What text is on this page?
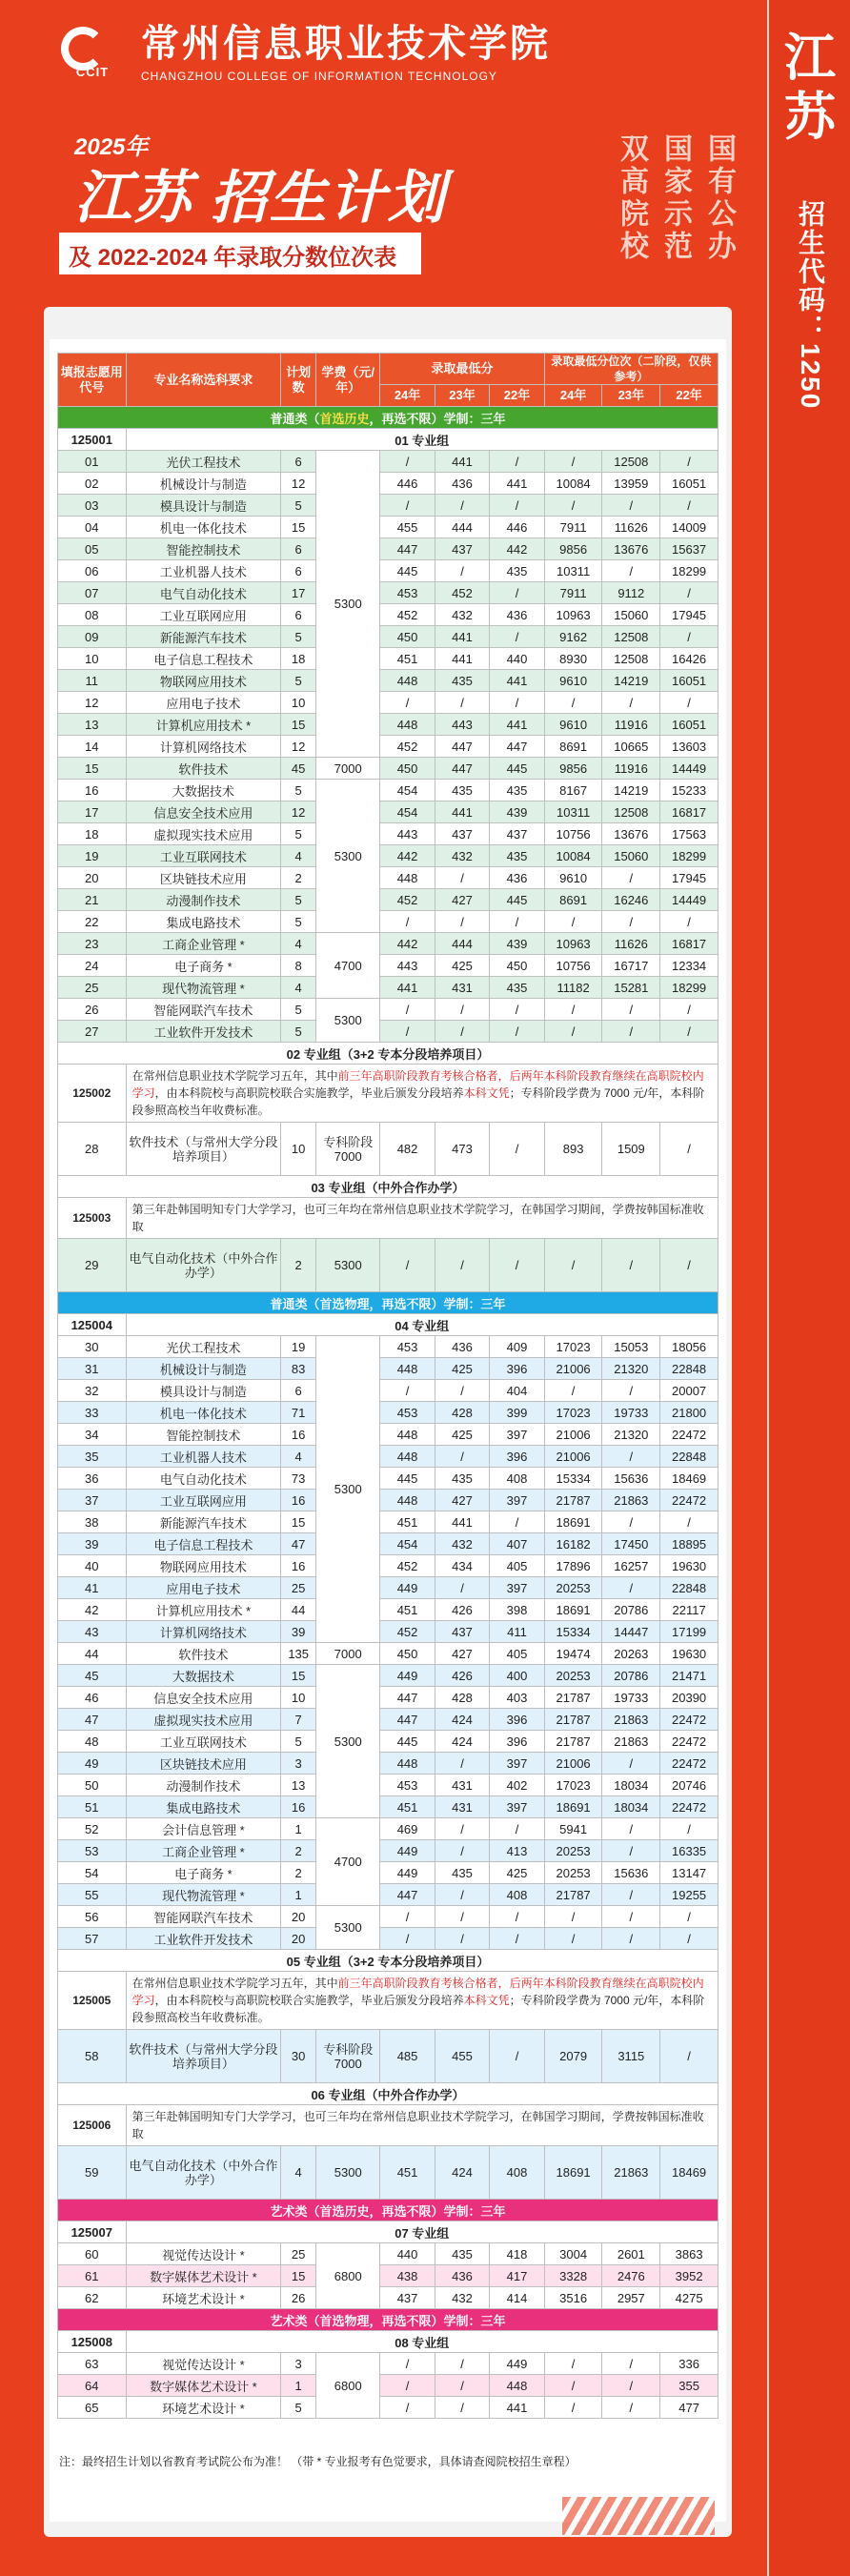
江苏
招生代码：1250
CCIT
常州信息职业技术学院
CHANGZHOU COLLEGE OF INFORMATION TECHNOLOGY
2025年
江苏 招生计划
及 2022-2024 年录取分数位次表	国有公办
国家示范
双高院校
填报志愿用代号	专业名称选科要求	计划数	学费（元/年）	录取最低分			录取最低分位次（二阶段，仅供参考）		
				24年	23年	22年	24年	23年	22年
普通类（首选历史，再选不限）学制：三年									
125001	01 专业组								
01	光伏工程技术	6	5300	/	441	/	/	12508	/
02	机械设计与制造	12		446	436	441	10084	13959	16051
03	模具设计与制造	5		/	/	/	/	/	/
04	机电一体化技术	15		455	444	446	7911	11626	14009
05	智能控制技术	6		447	437	442	9856	13676	15637
06	工业机器人技术	6		445	/	435	10311	/	18299
07	电气自动化技术	17		453	452	/	7911	9112	/
08	工业互联网应用	6		452	432	436	10963	15060	17945
09	新能源汽车技术	5		450	441	/	9162	12508	/
10	电子信息工程技术	18		451	441	440	8930	12508	16426
11	物联网应用技术	5		448	435	441	9610	14219	16051
12	应用电子技术	10		/	/	/	/	/	/
13	计算机应用技术 *	15		448	443	441	9610	11916	16051
14	计算机网络技术	12		452	447	447	8691	10665	13603
15	软件技术	45	7000	450	447	445	9856	11916	14449
16	大数据技术	5	5300	454	435	435	8167	14219	15233
17	信息安全技术应用	12		454	441	439	10311	12508	16817
18	虚拟现实技术应用	5		443	437	437	10756	13676	17563
19	工业互联网技术	4		442	432	435	10084	15060	18299
20	区块链技术应用	2		448	/	436	9610	/	17945
21	动漫制作技术	5		452	427	445	8691	16246	14449
22	集成电路技术	5		/	/	/	/	/	/
23	工商企业管理 *	4	4700	442	444	439	10963	11626	16817
24	电子商务 *	8		443	425	450	10756	16717	12334
25	现代物流管理 *	4		441	431	435	11182	15281	18299
26	智能网联汽车技术	5	5300	/	/	/	/	/	/
27	工业软件开发技术	5		/	/	/	/	/	/
02 专业组（3+2 专本分段培养项目）									
125002	在常州信息职业技术学院学习五年，其中前三年高职阶段教育考核合格者，后两年本科阶段教育继续在高职院校内学习，由本科院校与高职院校联合实施教学，毕业后颁发分段培养本科文凭；专科阶段学费为 7000 元/年，本科阶段参照高校当年收费标准。								
28	软件技术（与常州大学分段培养项目）	10	专科阶段7000	482	473	/	893	1509	/
03 专业组（中外合作办学）									
125003	第三年赴韩国明知专门大学学习，也可三年均在常州信息职业技术学院学习，在韩国学习期间，学费按韩国标准收取								
29	电气自动化技术（中外合作办学）	2	5300	/	/	/	/	/	/
普通类（首选物理，再选不限）学制：三年									
125004	04 专业组								
30	光伏工程技术	19	5300	453	436	409	17023	15053	18056
31	机械设计与制造	83		448	425	396	21006	21320	22848
32	模具设计与制造	6		/	/	404	/	/	20007
33	机电一体化技术	71		453	428	399	17023	19733	21800
34	智能控制技术	16		448	425	397	21006	21320	22472
35	工业机器人技术	4		448	/	396	21006	/	22848
36	电气自动化技术	73		445	435	408	15334	15636	18469
37	工业互联网应用	16		448	427	397	21787	21863	22472
38	新能源汽车技术	15		451	441	/	18691	/	/
39	电子信息工程技术	47		454	432	407	16182	17450	18895
40	物联网应用技术	16		452	434	405	17896	16257	19630
41	应用电子技术	25		449	/	397	20253	/	22848
42	计算机应用技术 *	44		451	426	398	18691	20786	22117
43	计算机网络技术	39		452	437	411	15334	14447	17199
44	软件技术	135	7000	450	427	405	19474	20263	19630
45	大数据技术	15	5300	449	426	400	20253	20786	21471
46	信息安全技术应用	10		447	428	403	21787	19733	20390
47	虚拟现实技术应用	7		447	424	396	21787	21863	22472
48	工业互联网技术	5		445	424	396	21787	21863	22472
49	区块链技术应用	3		448	/	397	21006	/	22472
50	动漫制作技术	13		453	431	402	17023	18034	20746
51	集成电路技术	16		451	431	397	18691	18034	22472
52	会计信息管理 *	1	4700	469	/	/	5941	/	/
53	工商企业管理 *	2		449	/	413	20253	/	16335
54	电子商务 *	2		449	435	425	20253	15636	13147
55	现代物流管理 *	1		447	/	408	21787	/	19255
56	智能网联汽车技术	20	5300	/	/	/	/	/	/
57	工业软件开发技术	20		/	/	/	/	/	/
05 专业组（3+2 专本分段培养项目）									
125005	在常州信息职业技术学院学习五年，其中前三年高职阶段教育考核合格者，后两年本科阶段教育继续在高职院校内学习，由本科院校与高职院校联合实施教学，毕业后颁发分段培养本科文凭；专科阶段学费为 7000 元/年，本科阶段参照高校当年收费标准。								
58	软件技术（与常州大学分段培养项目）	30	专科阶段7000	485	455	/	2079	3115	/
06 专业组（中外合作办学）									
125006	第三年赴韩国明知专门大学学习，也可三年均在常州信息职业技术学院学习，在韩国学习期间，学费按韩国标准收取								
59	电气自动化技术（中外合作办学）	4	5300	451	424	408	18691	21863	18469
艺术类（首选历史，再选不限）学制：三年									
125007	07 专业组								
60	视觉传达设计 *	25	6800	440	435	418	3004	2601	3863
61	数字媒体艺术设计 *	15		438	436	417	3328	2476	3952
62	环境艺术设计 *	26		437	432	414	3516	2957	4275
艺术类（首选物理，再选不限）学制：三年									
125008	08 专业组								
63	视觉传达设计 *	3	6800	/	/	449	/	/	336
64	数字媒体艺术设计 *	1		/	/	448	/	/	355
65	环境艺术设计 *	5		/	/	441	/	/	477
注：最终招生计划以省教育考试院公布为准！ （带 * 专业报考有色觉要求，具体请查阅院校招生章程）
